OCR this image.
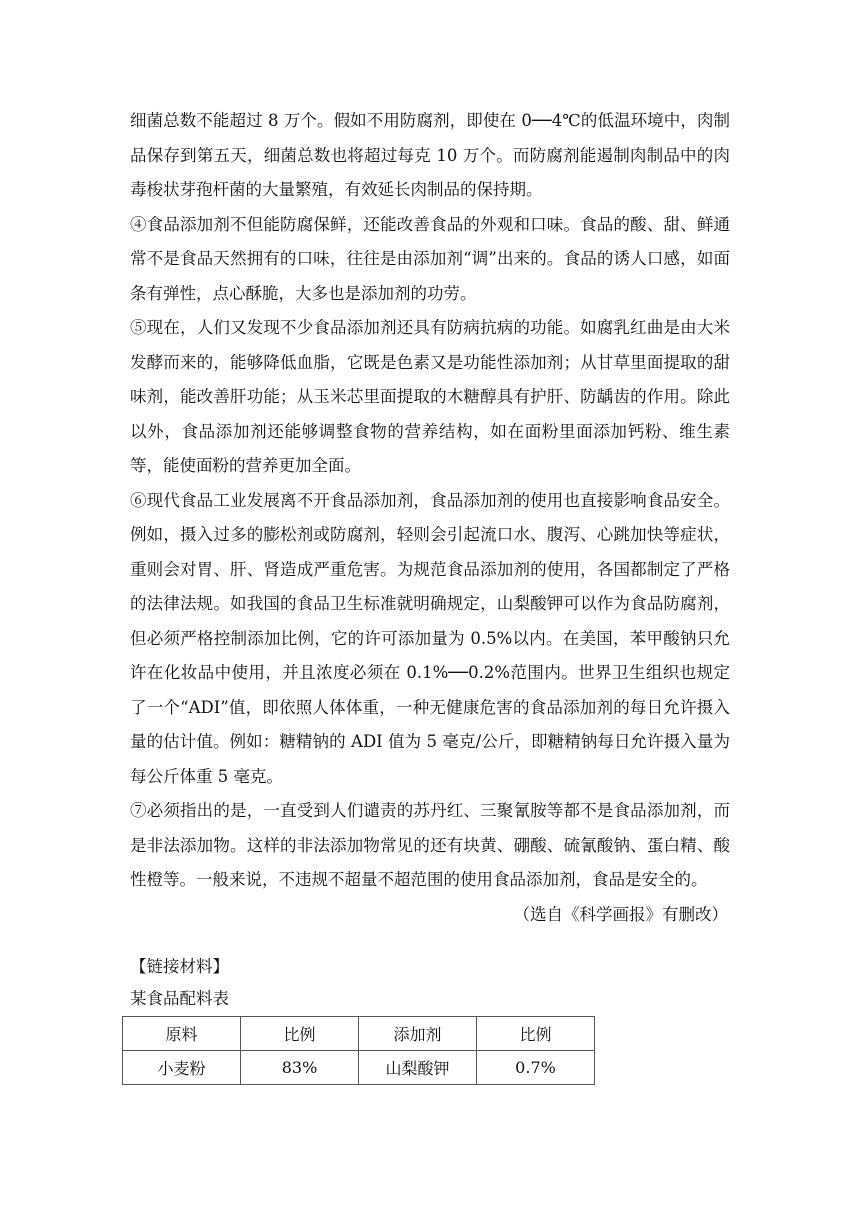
细菌总数不能超过 8 万个。假如不用防腐剂，即使在 0──4℃的低温环境中，肉制品保存到第五天，细菌总数也将超过每克 10 万个。而防腐剂能遏制肉制品中的肉毒梭状芽孢杆菌的大量繁殖，有效延长肉制品的保持期。

④食品添加剂不但能防腐保鲜，还能改善食品的外观和口味。食品的酸、甜、鲜通常不是食品天然拥有的口味，往往是由添加剂“调”出来的。食品的诱人口感，如面条有弹性，点心酥脆，大多也是添加剂的功劳。

⑤现在，人们又发现不少食品添加剂还具有防病抗病的功能。如腐乳红曲是由大米发酵而来的，能够降低血脂，它既是色素又是功能性添加剂；从甘草里面提取的甜味剂，能改善肝功能；从玉米芯里面提取的木糖醇具有护肝、防龋齿的作用。除此以外，食品添加剂还能够调整食物的营养结构，如在面粉里面添加钙粉、维生素等，能使面粉的营养更加全面。

⑥现代食品工业发展离不开食品添加剂，食品添加剂的使用也直接影响食品安全。例如，摄入过多的膨松剂或防腐剂，轻则会引起流口水、腹泻、心跳加快等症状，重则会对胃、肝、肾造成严重危害。为规范食品添加剂的使用，各国都制定了严格的法律法规。如我国的食品卫生标准就明确规定，山梨酸钾可以作为食品防腐剂，但必须严格控制添加比例，它的许可添加量为 0.5%以内。在美国，苯甲酸钠只允许在化妆品中使用，并且浓度必须在 0.1%──0.2%范围内。世界卫生组织也规定了一个“ADI”值，即依照人体体重，一种无健康危害的食品添加剂的每日允许摄入量的估计值。例如：糖精钠的 ADI 值为 5 毫克/公斤，即糖精钠每日允许摄入量为每公斤体重 5 毫克。

⑦必须指出的是，一直受到人们谴责的苏丹红、三聚氰胺等都不是食品添加剂，而是非法添加物。这样的非法添加物常见的还有块黄、硼酸、硫氰酸钠、蛋白精、酸性橙等。一般来说，不违规不超量不超范围的使用食品添加剂，食品是安全的。

（选自《科学画报》有删改）

【链接材料】

某食品配料表

原料	比例	添加剂	比例
小麦粉	83%	山梨酸钾	0.7%
